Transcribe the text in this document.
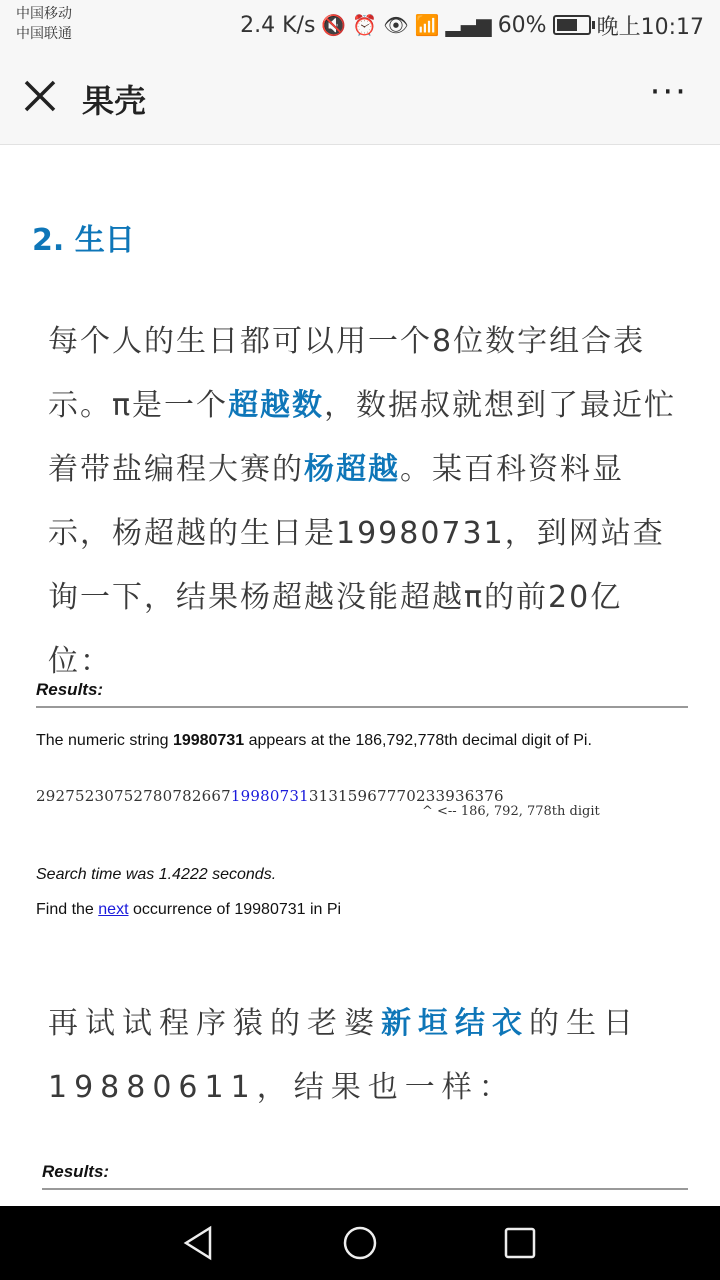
中国移动
中国联通	2.4 K/s 🔇 ⏰ 👁 📶 ▂▄▆ 60% 晚上10:17
果壳	···
2. 生日
每个人的生日都可以用一个8位数字组合表示。π是一个超越数，数据叔就想到了最近忙着带盐编程大赛的杨超越。某百科资料显示，杨超越的生日是19980731，到网站查询一下，结果杨超越没能超越π的前20亿位：
Results:
The numeric string 19980731 appears at the 186,792,778th decimal digit of Pi.
292752307527807826671998073131315967770233936376
^ <-- 186, 792, 778th digit
Search time was 1.4222 seconds.
Find the next occurrence of 19980731 in Pi
再试试程序猿的老婆新垣结衣的生日19880611，结果也一样：
Results:
